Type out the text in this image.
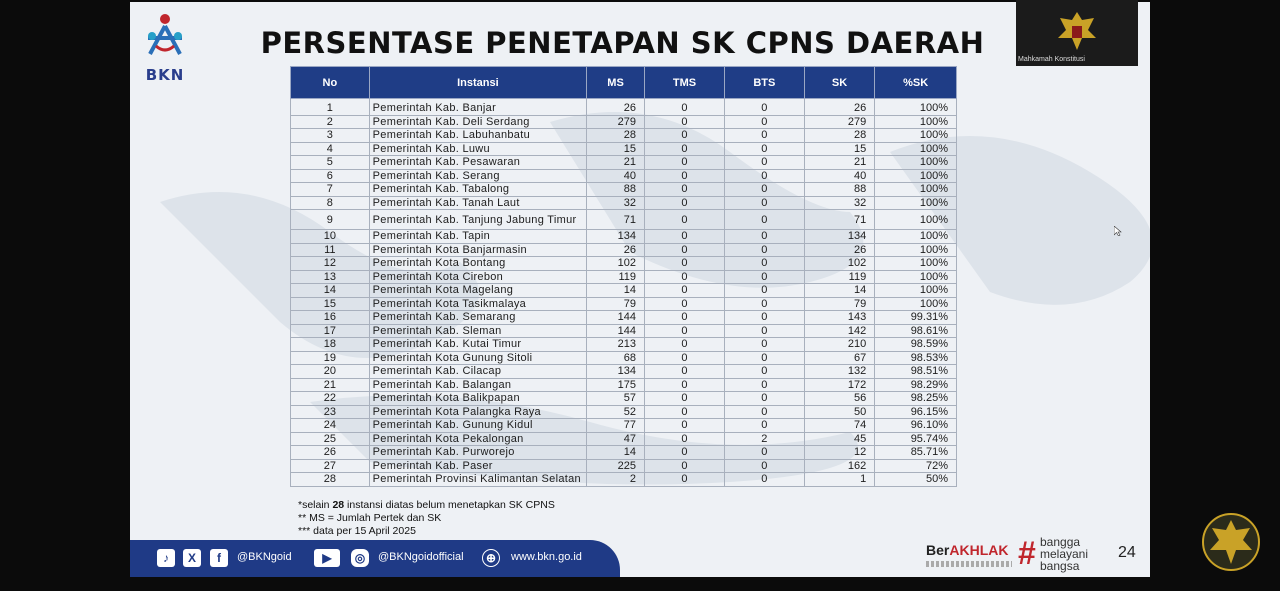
BKN
PERSENTASE PENETAPAN SK CPNS DAERAH
No	Instansi	MS	TMS	BTS	SK	%SK
1	Pemerintah Kab. Banjar	26	0	0	26	100%
2	Pemerintah Kab. Deli Serdang	279	0	0	279	100%
3	Pemerintah Kab. Labuhanbatu	28	0	0	28	100%
4	Pemerintah Kab. Luwu	15	0	0	15	100%
5	Pemerintah Kab. Pesawaran	21	0	0	21	100%
6	Pemerintah Kab. Serang	40	0	0	40	100%
7	Pemerintah Kab. Tabalong	88	0	0	88	100%
8	Pemerintah Kab. Tanah Laut	32	0	0	32	100%
9	Pemerintah Kab. Tanjung Jabung Timur	71	0	0	71	100%
10	Pemerintah Kab. Tapin	134	0	0	134	100%
11	Pemerintah Kota Banjarmasin	26	0	0	26	100%
12	Pemerintah Kota Bontang	102	0	0	102	100%
13	Pemerintah Kota Cirebon	119	0	0	119	100%
14	Pemerintah Kota Magelang	14	0	0	14	100%
15	Pemerintah Kota Tasikmalaya	79	0	0	79	100%
16	Pemerintah Kab. Semarang	144	0	0	143	99.31%
17	Pemerintah Kab. Sleman	144	0	0	142	98.61%
18	Pemerintah Kab. Kutai Timur	213	0	0	210	98.59%
19	Pemerintah Kota Gunung Sitoli	68	0	0	67	98.53%
20	Pemerintah Kab. Cilacap	134	0	0	132	98.51%
21	Pemerintah Kab. Balangan	175	0	0	172	98.29%
22	Pemerintah Kota Balikpapan	57	0	0	56	98.25%
23	Pemerintah Kota Palangka Raya	52	0	0	50	96.15%
24	Pemerintah Kab. Gunung Kidul	77	0	0	74	96.10%
25	Pemerintah Kota Pekalongan	47	0	2	45	95.74%
26	Pemerintah Kab. Purworejo	14	0	0	12	85.71%
27	Pemerintah Kab. Paser	225	0	0	162	72%
28	Pemerintah Provinsi Kalimantan Selatan	2	0	0	1	50%
*selain 28 instansi diatas belum menetapkan SK CPNS
** MS = Jumlah Pertek dan SK
*** data per 15 April 2025
♪	X	f	@BKNgoid	▶	◎	@BKNgoidofficial	⊕	www.bkn.go.id	BerAKHLAK # bangga
melayani
bangsa
24
Mahkamah Konstitusi
